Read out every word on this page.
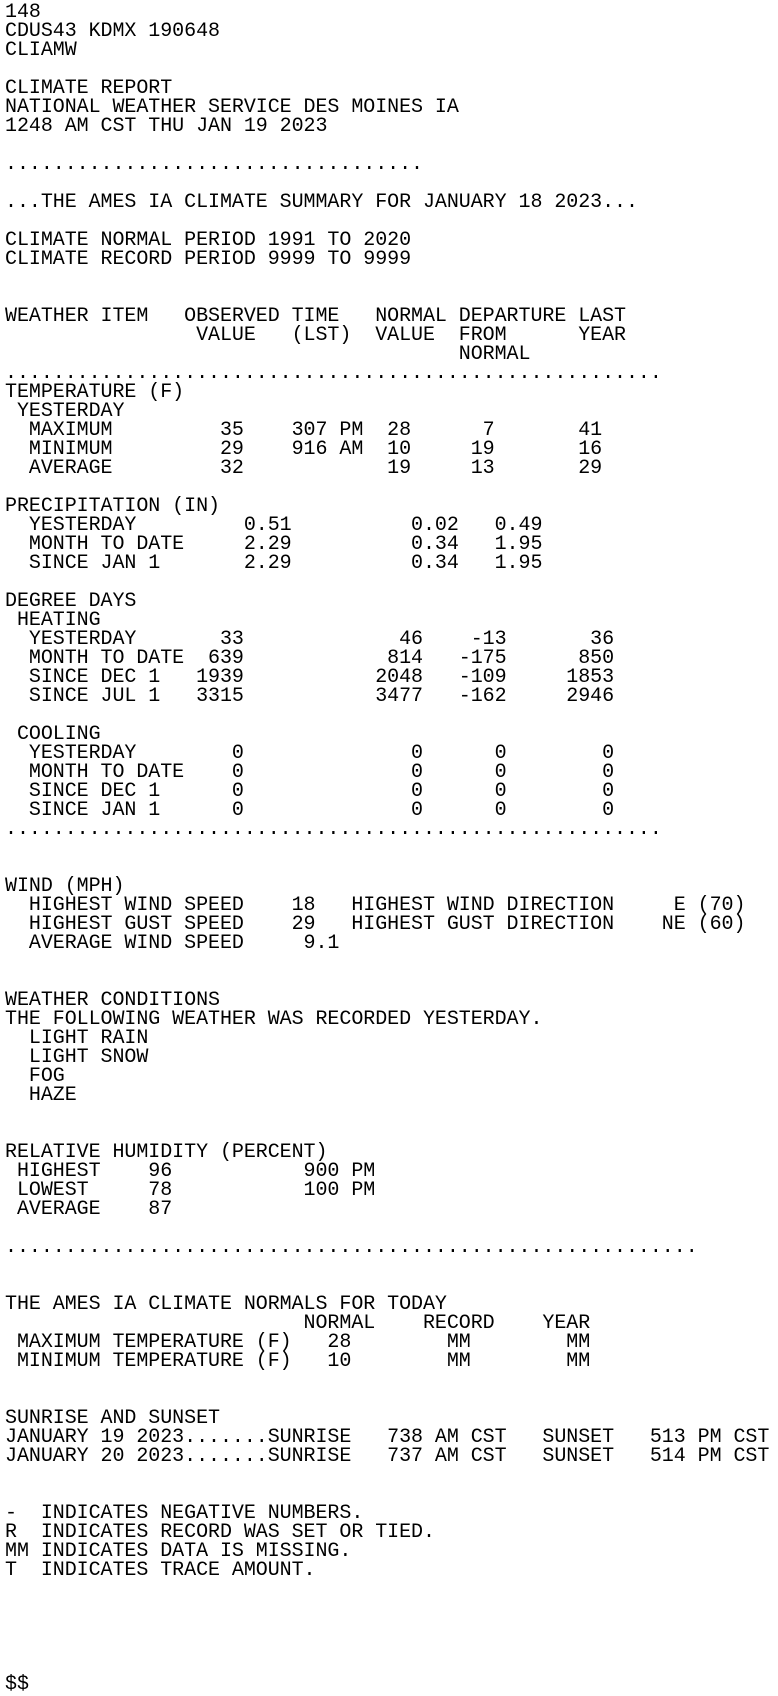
148
CDUS43 KDMX 190648
CLIAMW
CLIMATE REPORT
NATIONAL WEATHER SERVICE DES MOINES IA
1248 AM CST THU JAN 19 2023
...................................
...THE AMES IA CLIMATE SUMMARY FOR JANUARY 18 2023...
CLIMATE NORMAL PERIOD 1991 TO 2020
CLIMATE RECORD PERIOD 9999 TO 9999
WEATHER ITEM   OBSERVED TIME   NORMAL DEPARTURE LAST
VALUE   (LST)  VALUE  FROM      YEAR
NORMAL
.......................................................
TEMPERATURE (F)
YESTERDAY
MAXIMUM         35    307 PM  28      7       41
MINIMUM         29    916 AM  10     19       16
AVERAGE         32            19     13       29
PRECIPITATION (IN)
YESTERDAY         0.51          0.02   0.49
MONTH TO DATE     2.29          0.34   1.95
SINCE JAN 1       2.29          0.34   1.95
DEGREE DAYS
HEATING
YESTERDAY       33             46    -13       36
MONTH TO DATE  639            814   -175      850
SINCE DEC 1   1939           2048   -109     1853
SINCE JUL 1   3315           3477   -162     2946
COOLING
YESTERDAY        0              0      0        0
MONTH TO DATE    0              0      0        0
SINCE DEC 1      0              0      0        0
SINCE JAN 1      0              0      0        0
.......................................................
WIND (MPH)
HIGHEST WIND SPEED    18   HIGHEST WIND DIRECTION     E (70)
HIGHEST GUST SPEED    29   HIGHEST GUST DIRECTION    NE (60)
AVERAGE WIND SPEED     9.1
WEATHER CONDITIONS
THE FOLLOWING WEATHER WAS RECORDED YESTERDAY.
LIGHT RAIN
LIGHT SNOW
FOG
HAZE
RELATIVE HUMIDITY (PERCENT)
HIGHEST    96           900 PM
LOWEST     78           100 PM
AVERAGE    87
..........................................................
THE AMES IA CLIMATE NORMALS FOR TODAY
NORMAL    RECORD    YEAR
MAXIMUM TEMPERATURE (F)   28        MM        MM
MINIMUM TEMPERATURE (F)   10        MM        MM
SUNRISE AND SUNSET
JANUARY 19 2023.......SUNRISE   738 AM CST   SUNSET   513 PM CST
JANUARY 20 2023.......SUNRISE   737 AM CST   SUNSET   514 PM CST
-  INDICATES NEGATIVE NUMBERS.
R  INDICATES RECORD WAS SET OR TIED.
MM INDICATES DATA IS MISSING.
T  INDICATES TRACE AMOUNT.
$$
